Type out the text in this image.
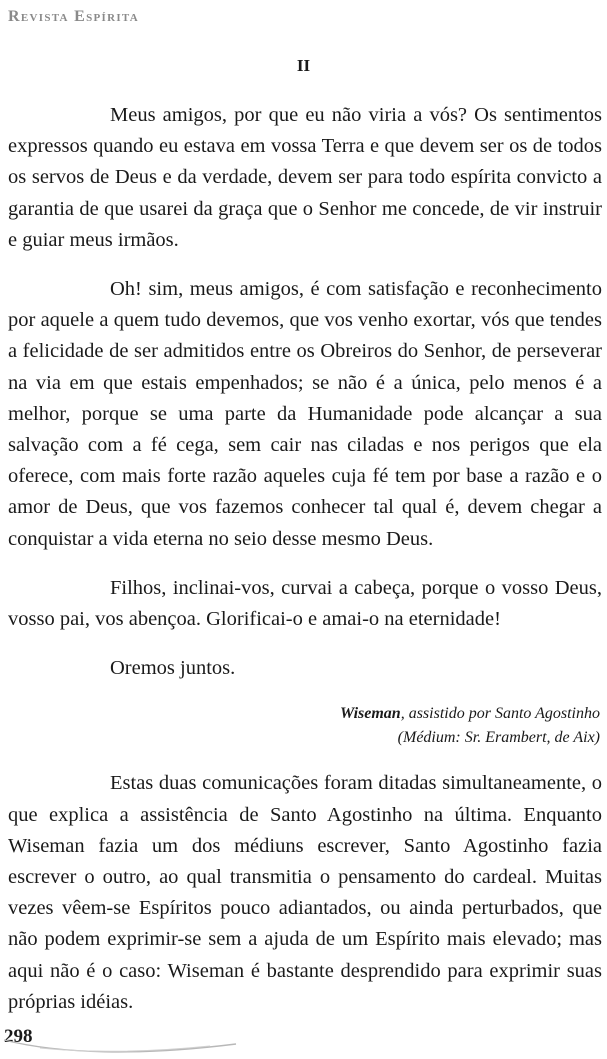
Revista Espírita
II

Meus amigos, por que eu não viria a vós? Os sentimentos expressos quando eu estava em vossa Terra e que devem ser os de todos os servos de Deus e da verdade, devem ser para todo espírita convicto a garantia de que usarei da graça que o Senhor me concede, de vir instruir e guiar meus irmãos.

Oh! sim, meus amigos, é com satisfação e reconhecimento por aquele a quem tudo devemos, que vos venho exortar, vós que tendes a felicidade de ser admitidos entre os Obreiros do Senhor, de perseverar na via em que estais empenhados; se não é a única, pelo menos é a melhor, porque se uma parte da Humanidade pode alcançar a sua salvação com a fé cega, sem cair nas ciladas e nos perigos que ela oferece, com mais forte razão aqueles cuja fé tem por base a razão e o amor de Deus, que vos fazemos conhecer tal qual é, devem chegar a conquistar a vida eterna no seio desse mesmo Deus.

Filhos, inclinai-vos, curvai a cabeça, porque o vosso Deus, vosso pai, vos abençoa. Glorificai-o e amai-o na eternidade!

Oremos juntos.

Wiseman, assistido por Santo Agostinho
(Médium: Sr. Erambert, de Aix)

Estas duas comunicações foram ditadas simultaneamente, o que explica a assistência de Santo Agostinho na última. Enquanto Wiseman fazia um dos médiuns escrever, Santo Agostinho fazia escrever o outro, ao qual transmitia o pensamento do cardeal. Muitas vezes vêem-se Espíritos pouco adiantados, ou ainda perturbados, que não podem exprimir-se sem a ajuda de um Espírito mais elevado; mas aqui não é o caso: Wiseman é bastante desprendido para exprimir suas próprias idéias.

298
